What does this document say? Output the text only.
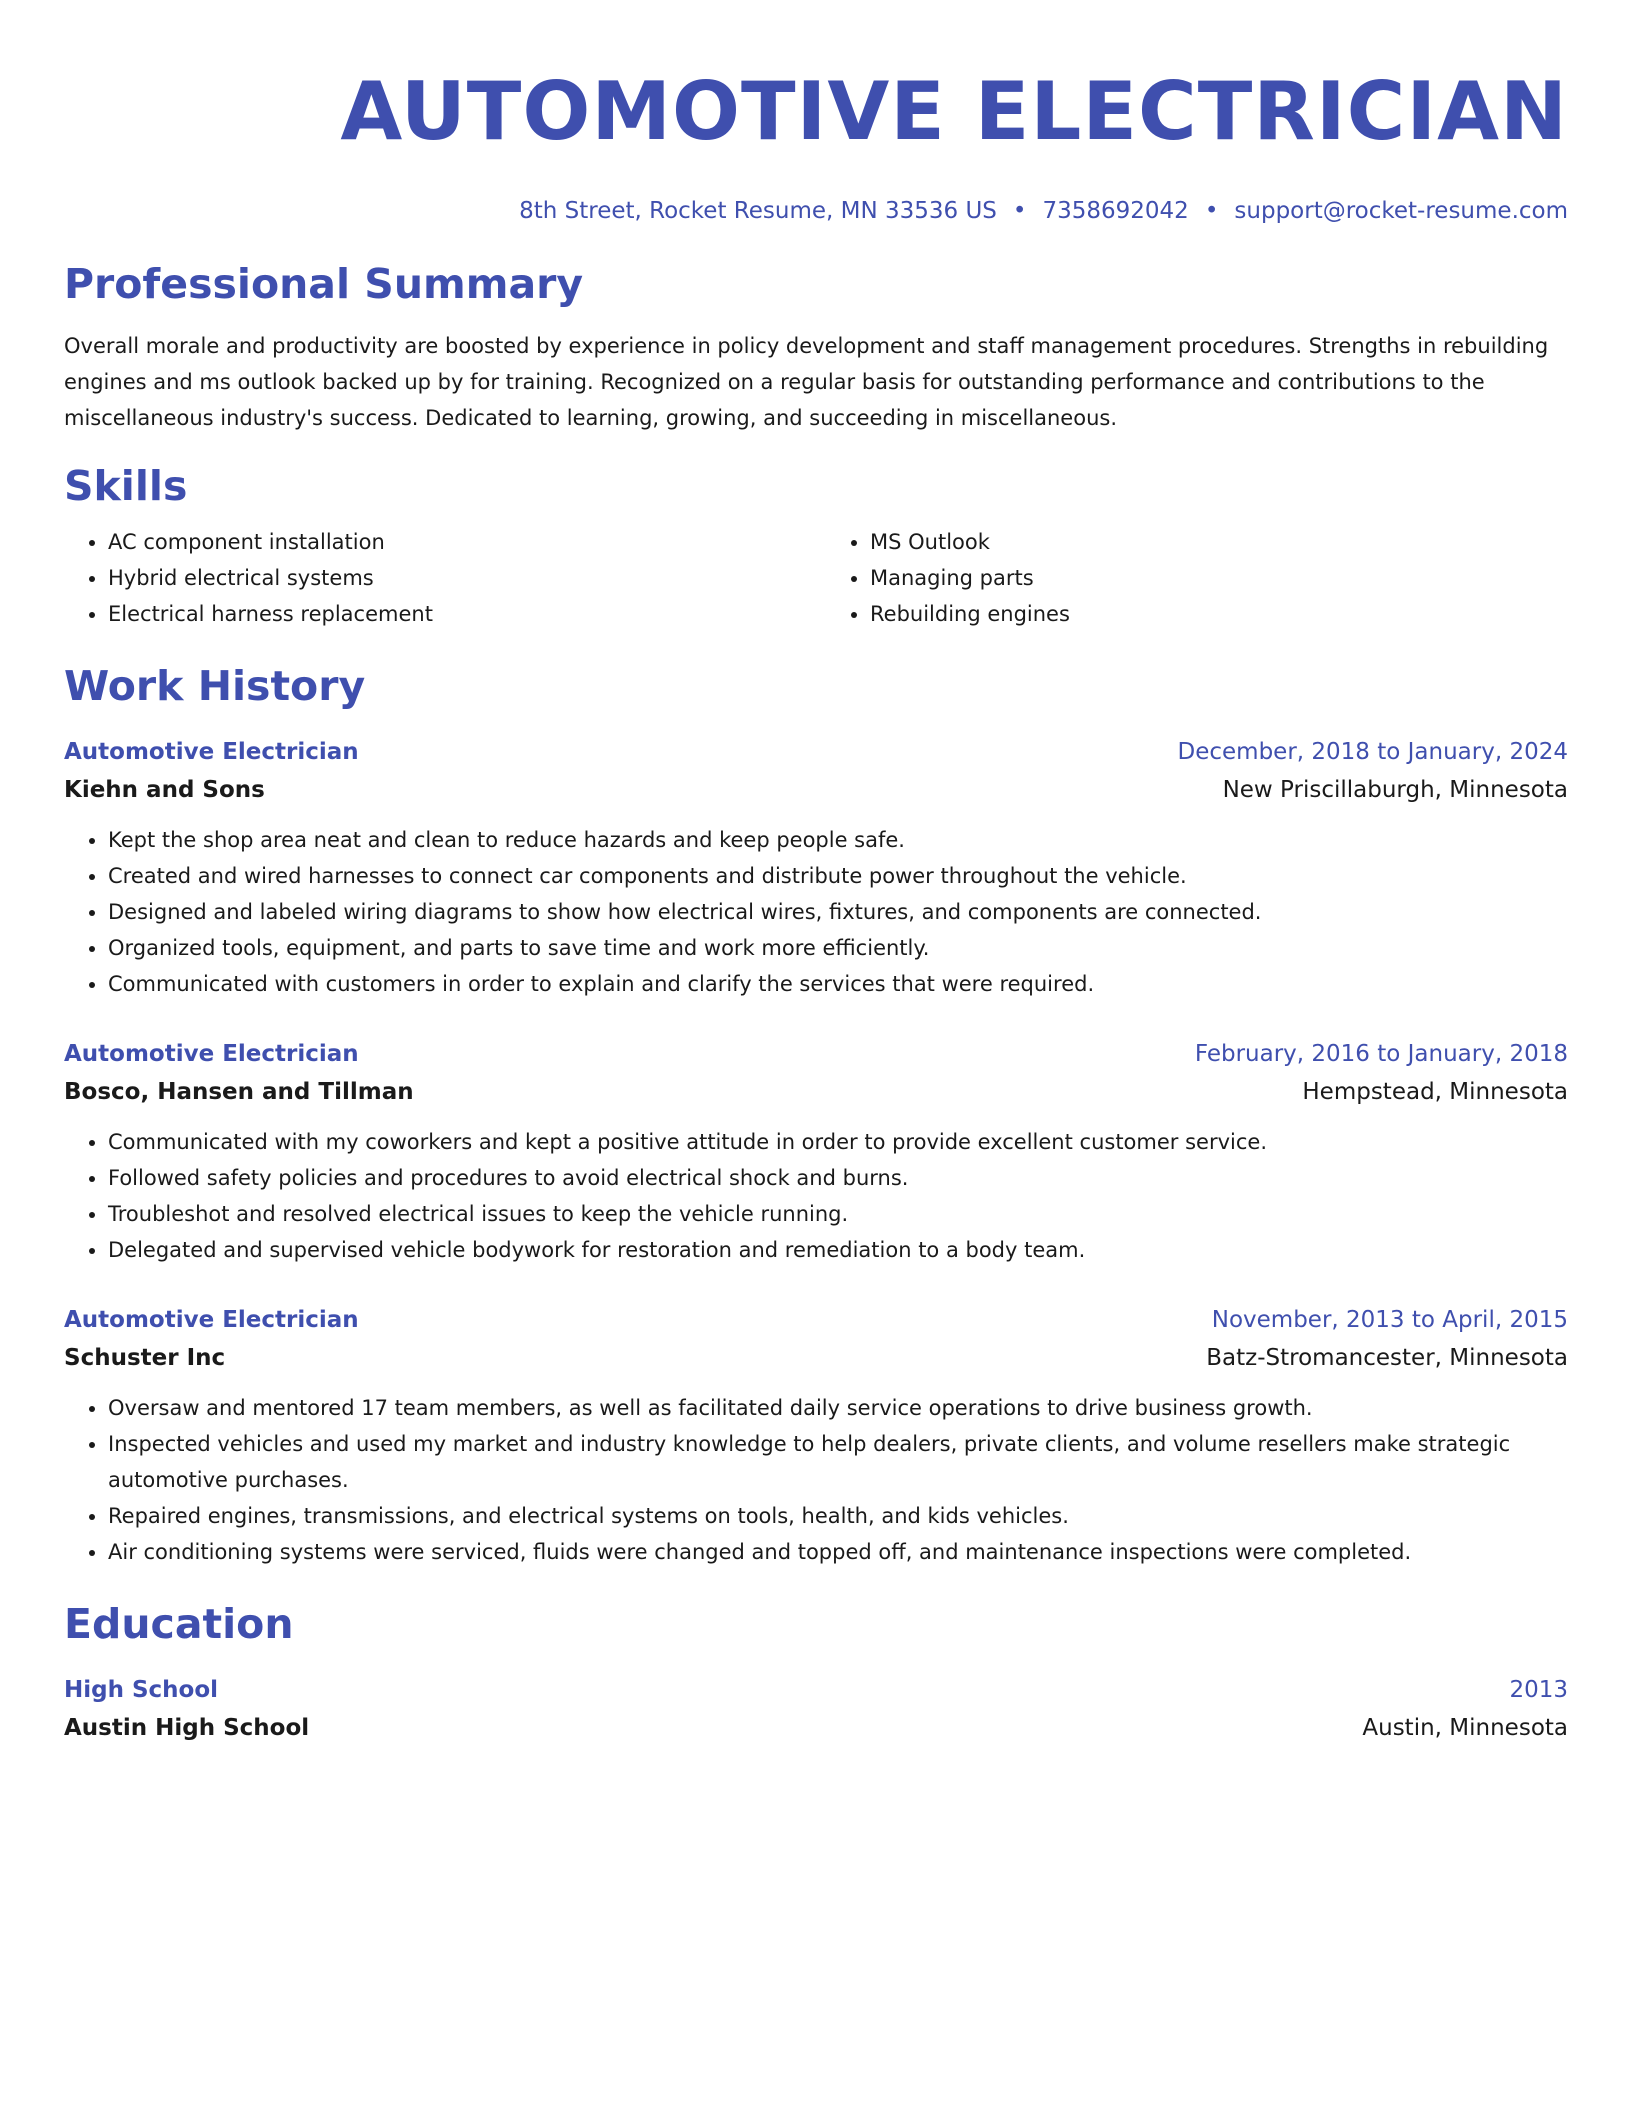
AUTOMOTIVE ELECTRICIAN
8th Street, Rocket Resume, MN 33536 US • 7358692042 • support@rocket-resume.com
Professional Summary

Overall morale and productivity are boosted by experience in policy development and staff management procedures. Strengths in rebuilding engines and ms outlook backed up by for training. Recognized on a regular basis for outstanding performance and contributions to the miscellaneous industry's success. Dedicated to learning, growing, and succeeding in miscellaneous.

Skills
• AC component installation
• Hybrid electrical systems
• Electrical harness replacement
• MS Outlook
• Managing parts
• Rebuilding engines
Work History
Automotive Electrician	December, 2018 to January, 2024
Kiehn and Sons	New Priscillaburgh, Minnesota
• Kept the shop area neat and clean to reduce hazards and keep people safe.
• Created and wired harnesses to connect car components and distribute power throughout the vehicle.
• Designed and labeled wiring diagrams to show how electrical wires, fixtures, and components are connected.
• Organized tools, equipment, and parts to save time and work more efficiently.
• Communicated with customers in order to explain and clarify the services that were required.
Automotive Electrician	February, 2016 to January, 2018
Bosco, Hansen and Tillman	Hempstead, Minnesota
• Communicated with my coworkers and kept a positive attitude in order to provide excellent customer service.
• Followed safety policies and procedures to avoid electrical shock and burns.
• Troubleshot and resolved electrical issues to keep the vehicle running.
• Delegated and supervised vehicle bodywork for restoration and remediation to a body team.
Automotive Electrician	November, 2013 to April, 2015
Schuster Inc	Batz-Stromancester, Minnesota
• Oversaw and mentored 17 team members, as well as facilitated daily service operations to drive business growth.
• Inspected vehicles and used my market and industry knowledge to help dealers, private clients, and volume resellers make strategic automotive purchases.
• Repaired engines, transmissions, and electrical systems on tools, health, and kids vehicles.
• Air conditioning systems were serviced, fluids were changed and topped off, and maintenance inspections were completed.
Education
High School	2013
Austin High School	Austin, Minnesota
